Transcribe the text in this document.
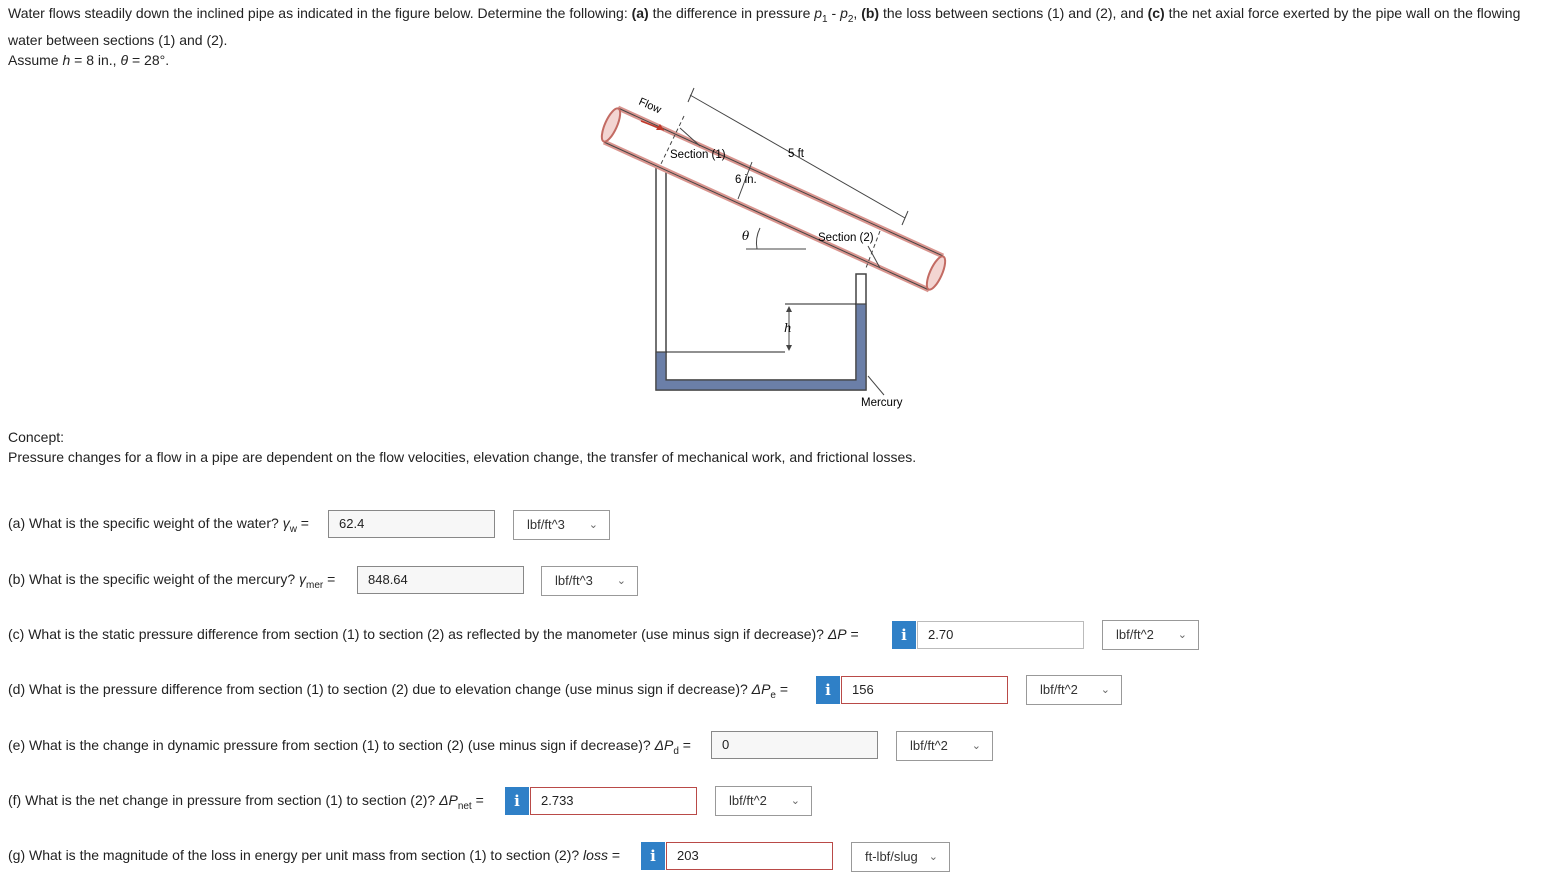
Water flows steadily down the inclined pipe as indicated in the figure below. Determine the following: (a) the difference in pressure $p_1 - p_2$, (b) the loss between sections (1) and (2), and (c) the net axial force exerted by the pipe wall on the flowing water between sections (1) and (2).
Assume h = 8 in., θ = 28°.
Flow
Section (1)	5 ft
6 in.
θ	Section (2)
h
Mercury
Concept:
Pressure changes for a flow in a pipe are dependent on the flow velocities, elevation change, the transfer of mechanical work, and frictional losses.
(a) What is the specific weight of the water? $\gamma_w$ =	62.4	lbf/ft^3 ⌄
(b) What is the specific weight of the mercury? $\gamma_{mer}$ =	848.64	lbf/ft^3 ⌄
(c) What is the static pressure difference from section (1) to section (2) as reflected by the manometer (use minus sign if decrease)? ΔP =	i	2.70	lbf/ft^2 ⌄
(d) What is the pressure difference from section (1) to section (2) due to elevation change (use minus sign if decrease)? $\Delta P_e$ =	i	156	lbf/ft^2 ⌄
(e) What is the change in dynamic pressure from section (1) to section (2) (use minus sign if decrease)? $\Delta P_d$ =	0	lbf/ft^2 ⌄
(f) What is the net change in pressure from section (1) to section (2)? $\Delta P_{net}$ =	i	2.733	lbf/ft^2 ⌄
(g) What is the magnitude of the loss in energy per unit mass from section (1) to section (2)? loss =	i	203	ft-lbf/slug ⌄
